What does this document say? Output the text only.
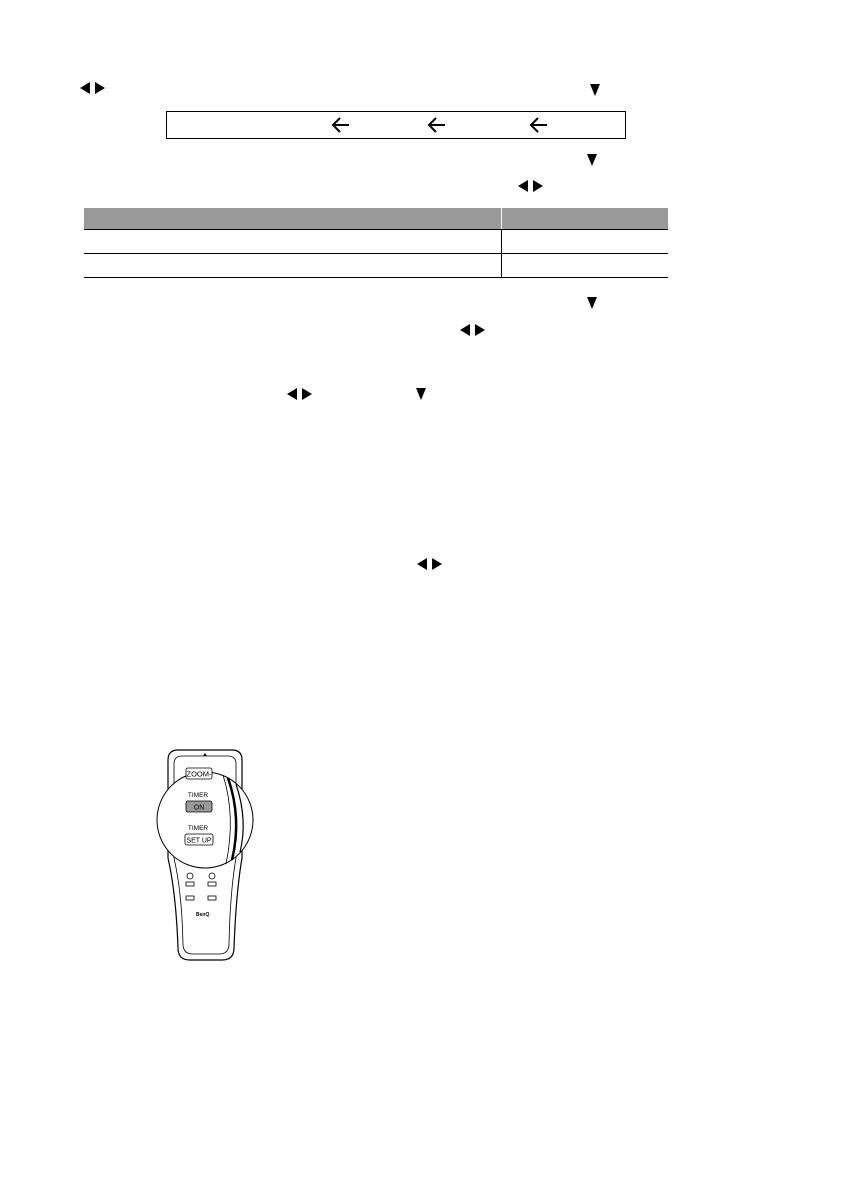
BenQ
ZOOM-
TIMER
ON
TIMER
SET UP
